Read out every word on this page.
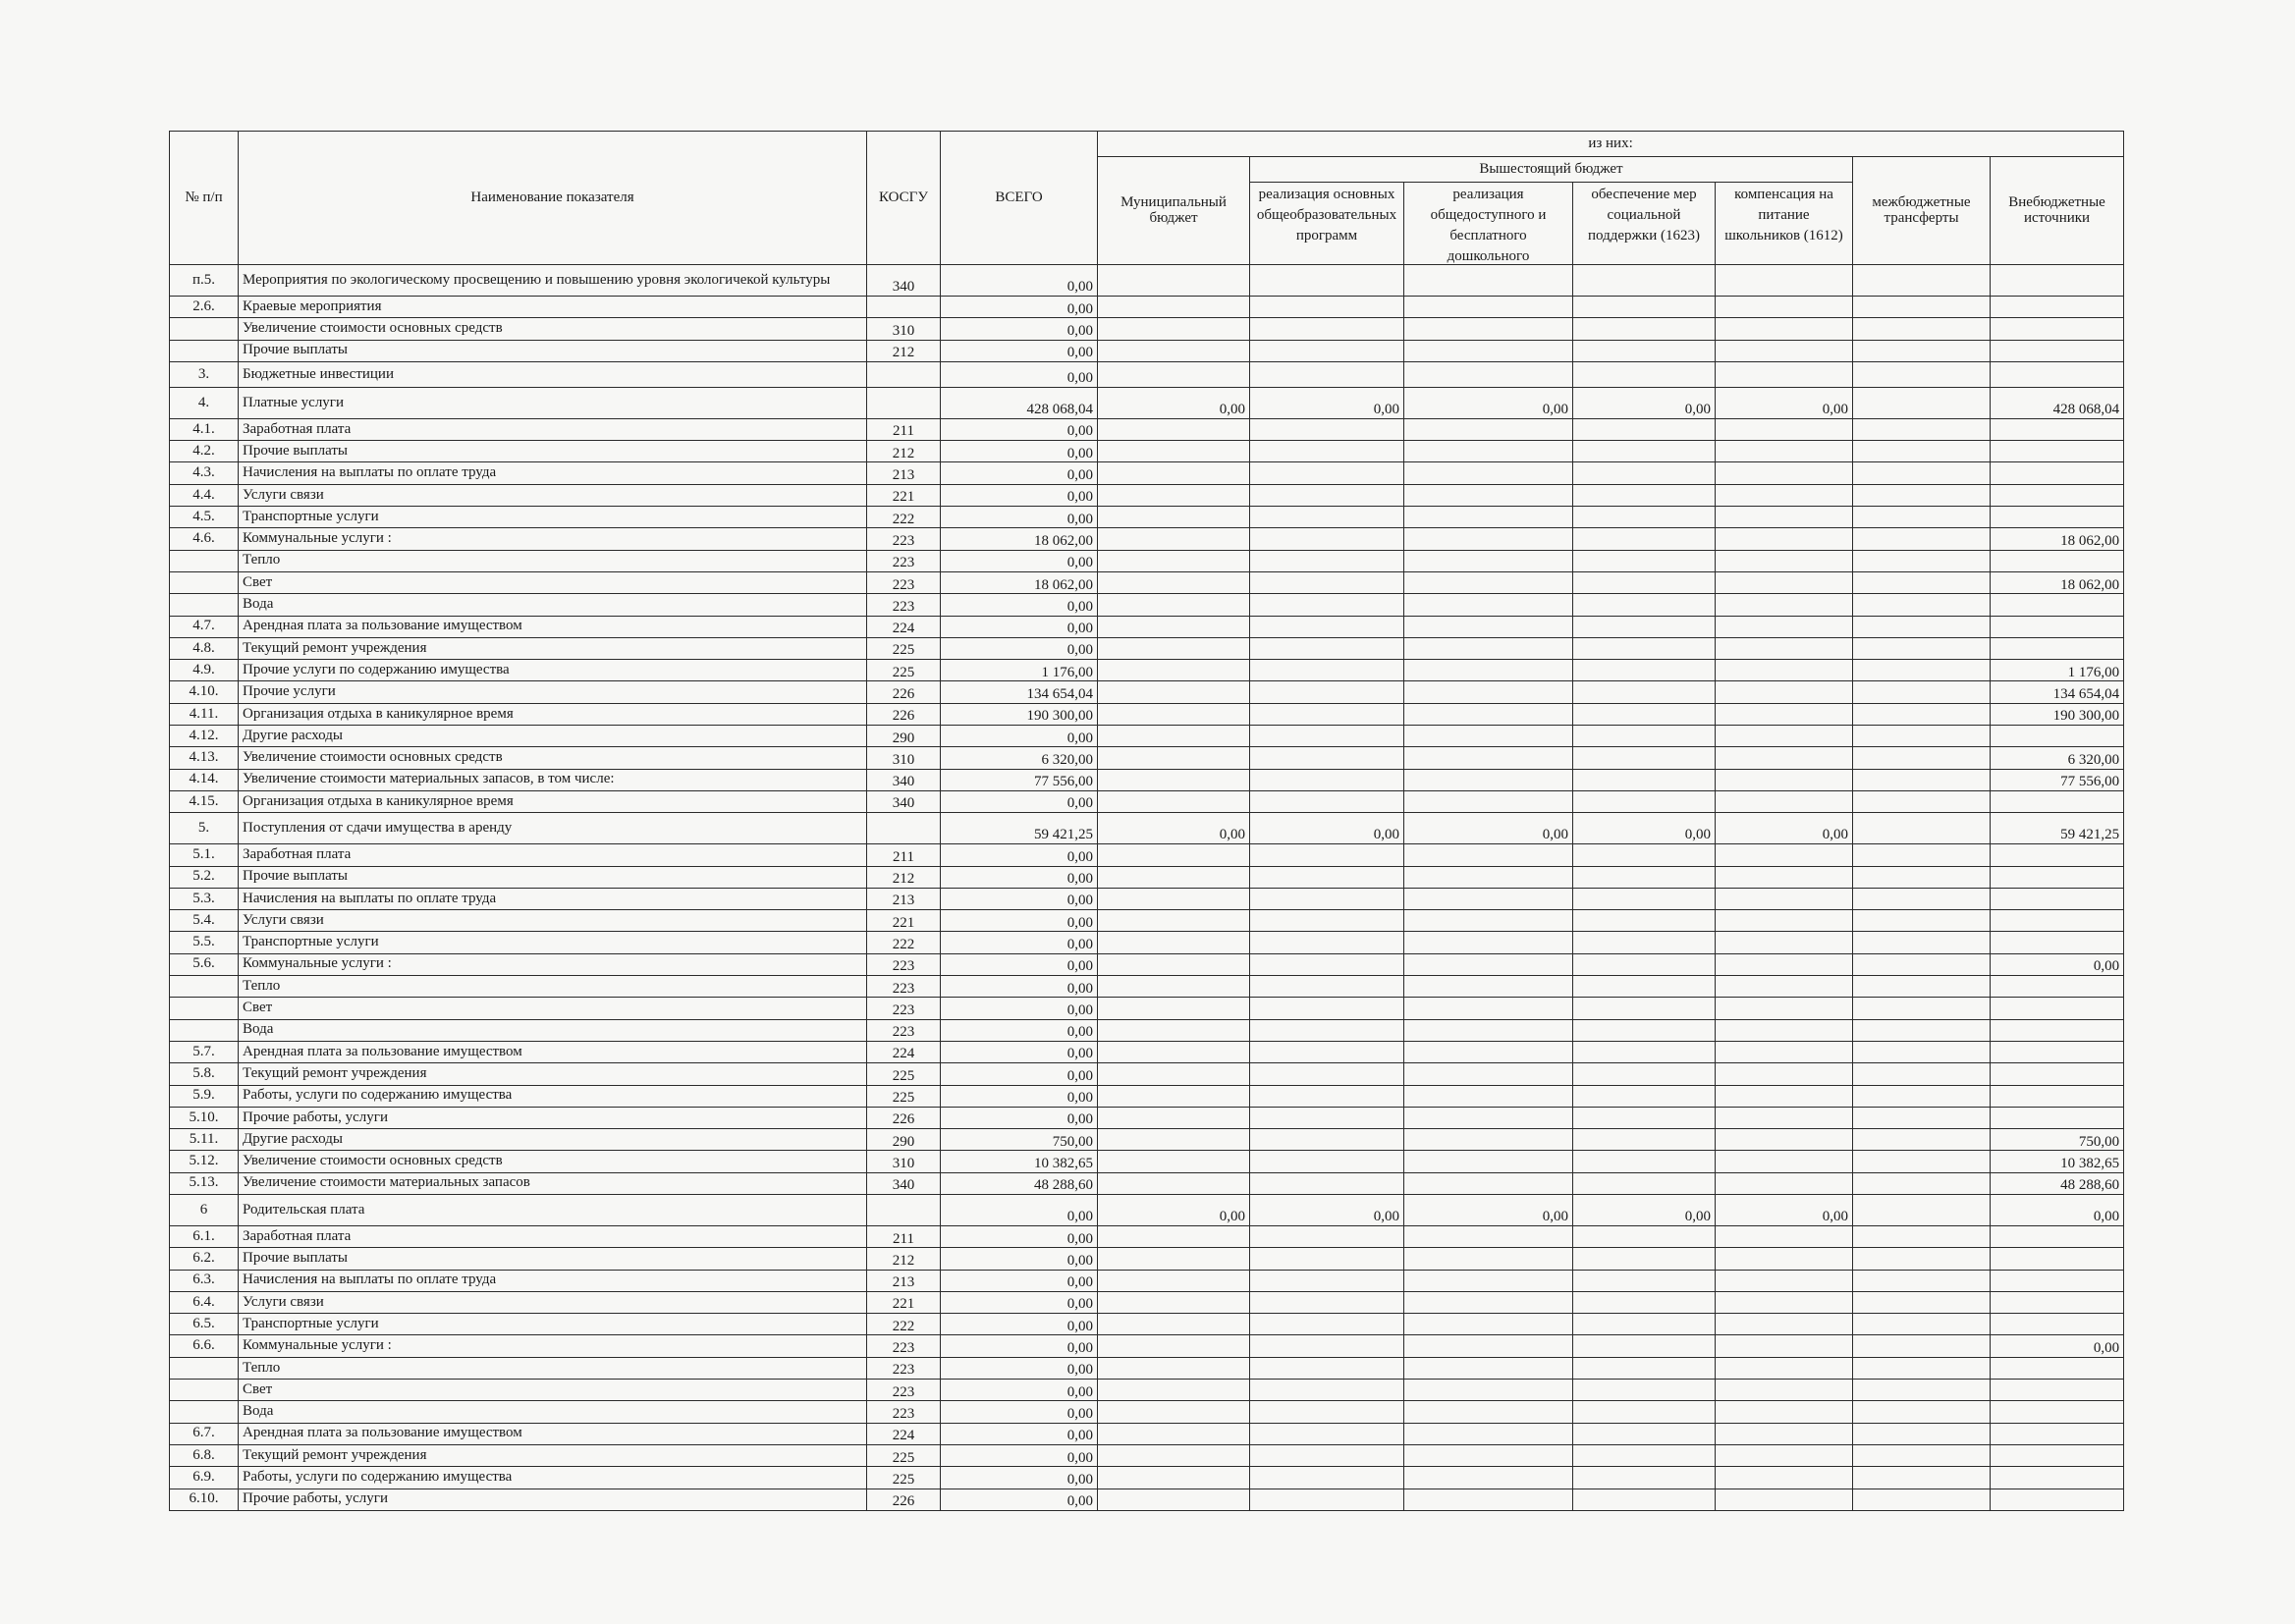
№ п/п	Наименование показателя	КОСГУ	ВСЕГО	из них:						
				Муниципальный бюджет	Вышестоящий бюджет				межбюджетные трансферты	Внебюджетные источники

					реализация основных общеобразовательных программ	реализация общедоступного и бесплатного дошкольного	обеспечение мер социальной поддержки (1623)	компенсация на питание школьников (1612)		

п.5.	Мероприятия по экологическому просвещению и повышению уровня экологичекой культуры	340	0,00							
2.6.	Краевые мероприятия		0,00							
	Увеличение стоимости основных средств	310	0,00							
	Прочие выплаты	212	0,00							
3.	Бюджетные инвестиции		0,00							
4.	Платные услуги		428 068,04	0,00	0,00	0,00	0,00	0,00		428 068,04
4.1.	Заработная плата	211	0,00							
4.2.	Прочие выплаты	212	0,00							
4.3.	Начисления на выплаты по оплате труда	213	0,00							
4.4.	Услуги связи	221	0,00							
4.5.	Транспортные услуги	222	0,00							
4.6.	Коммунальные услуги :	223	18 062,00							18 062,00
	Тепло	223	0,00							
	Свет	223	18 062,00							18 062,00
	Вода	223	0,00							
4.7.	Арендная плата за пользование имуществом	224	0,00							
4.8.	Текущий ремонт учреждения	225	0,00							
4.9.	Прочие услуги по содержанию имущества	225	1 176,00							1 176,00
4.10.	Прочие услуги	226	134 654,04							134 654,04
4.11.	Организация отдыха в каникулярное время	226	190 300,00							190 300,00
4.12.	Другие расходы	290	0,00							
4.13.	Увеличение стоимости основных средств	310	6 320,00							6 320,00
4.14.	Увеличение стоимости материальных запасов, в том числе:	340	77 556,00							77 556,00
4.15.	Организация отдыха в каникулярное время	340	0,00							
5.	Поступления от сдачи имущества в аренду		59 421,25	0,00	0,00	0,00	0,00	0,00		59 421,25
5.1.	Заработная плата	211	0,00							
5.2.	Прочие выплаты	212	0,00							
5.3.	Начисления на выплаты по оплате труда	213	0,00							
5.4.	Услуги связи	221	0,00							
5.5.	Транспортные услуги	222	0,00							
5.6.	Коммунальные услуги :	223	0,00							0,00
	Тепло	223	0,00							
	Свет	223	0,00							
	Вода	223	0,00							
5.7.	Арендная плата за пользование имуществом	224	0,00							
5.8.	Текущий ремонт учреждения	225	0,00							
5.9.	Работы, услуги по содержанию имущества	225	0,00							
5.10.	Прочие работы, услуги	226	0,00							
5.11.	Другие расходы	290	750,00							750,00
5.12.	Увеличение стоимости основных средств	310	10 382,65							10 382,65
5.13.	Увеличение стоимости материальных запасов	340	48 288,60							48 288,60
6	Родительская плата		0,00	0,00	0,00	0,00	0,00	0,00		0,00
6.1.	Заработная плата	211	0,00							
6.2.	Прочие выплаты	212	0,00							
6.3.	Начисления на выплаты по оплате труда	213	0,00							
6.4.	Услуги связи	221	0,00							
6.5.	Транспортные услуги	222	0,00							
6.6.	Коммунальные услуги :	223	0,00							0,00
	Тепло	223	0,00							
	Свет	223	0,00							
	Вода	223	0,00							
6.7.	Арендная плата за пользование имуществом	224	0,00							
6.8.	Текущий ремонт учреждения	225	0,00							
6.9.	Работы, услуги по содержанию имущества	225	0,00							
6.10.	Прочие работы, услуги	226	0,00							
